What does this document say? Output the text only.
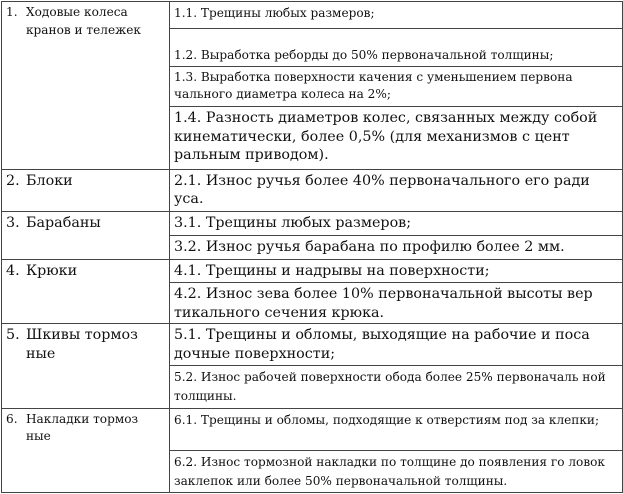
1. Ходовые колеса кранов и тележек	1.1. Трещины любых размеров;
	1.2. Выработка реборды до 50% первоначальной толщины;
	1.3. Выработка поверхности качения с уменьшением первона чального диаметра колеса на 2%;
	1.4. Разность диаметров колес, связанных между собой кинематически, более 0,5% (для механизмов с цент ральным приводом).

2. Блоки	2.1. Износ ручья более 40% первоначального его ради уса.

3. Барабаны	3.1. Трещины любых размеров;
	3.2. Износ ручья барабана по профилю более 2 мм.

4. Крюки	4.1. Трещины и надрывы на поверхности;
	4.2. Износ зева более 10% первоначальной высоты вер тикального сечения крюка.

5. Шкивы тормоз ные	5.1. Трещины и обломы, выходящие на рабочие и поса дочные поверхности;
	5.2. Износ рабочей поверхности обода более 25% первоначаль ной толщины.

6. Накладки тормоз ные	6.1. Трещины и обломы, подходящие к отверстиям под за клепки;
	6.2. Износ тормозной накладки по толщине до появления го ловок заклепок или более 50% первоначальной толщины.
